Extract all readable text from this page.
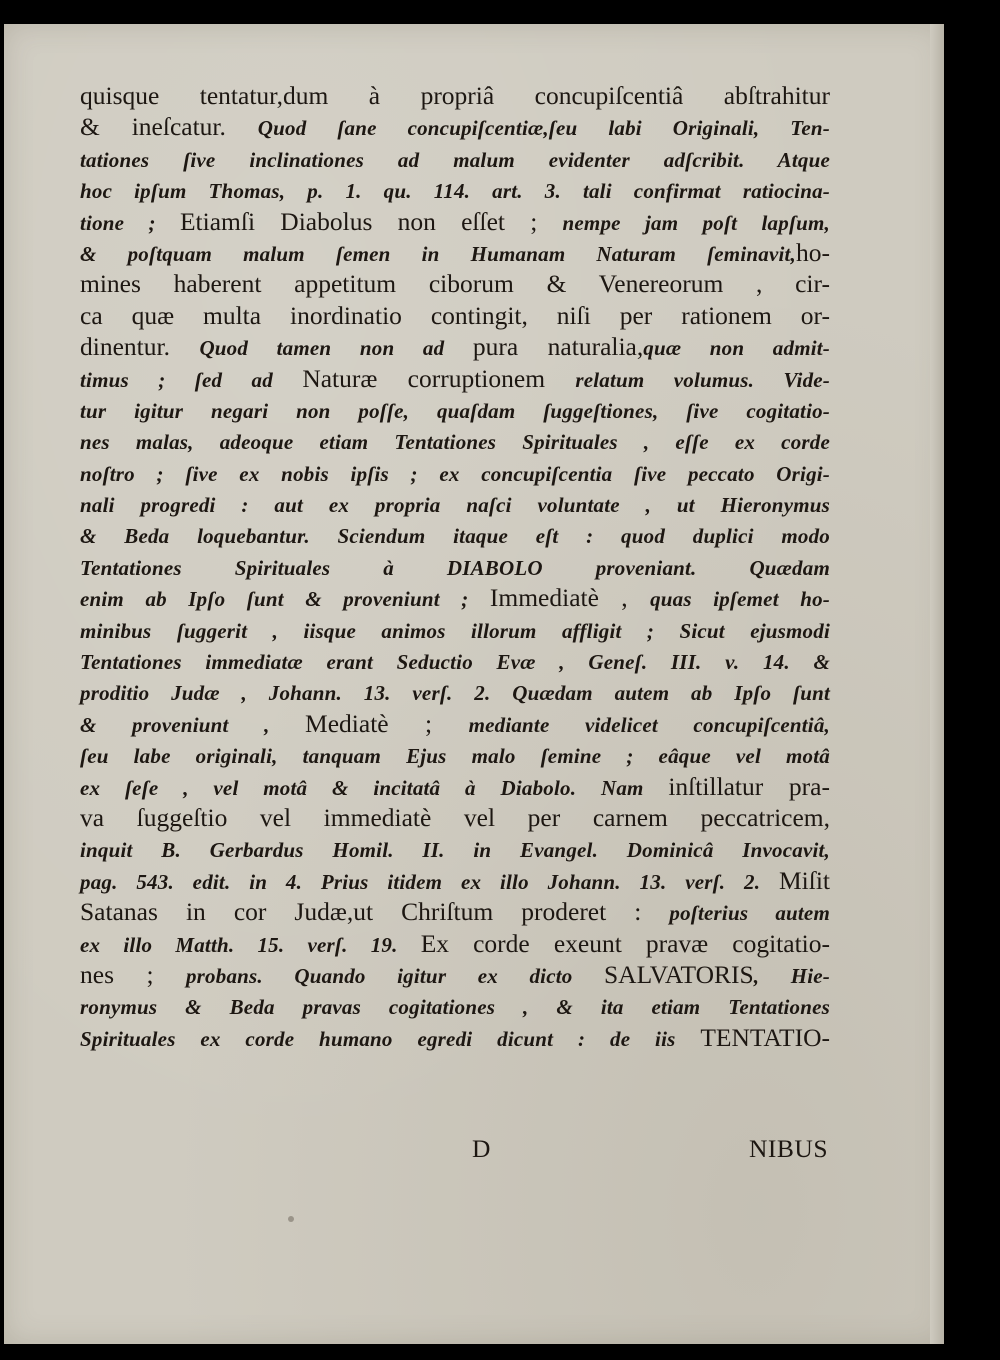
quisque tentatur,dum à propriâ concupiſcentiâ abſtrahitur
& ineſcatur. Quod ſane concupiſcentiæ,ſeu labi Originali, Ten-
tationes ſive inclinationes ad malum evidenter adſcribit. Atque
hoc ipſum Thomas, p. 1. qu. 114. art. 3. tali confirmat ratiocina-
tione ; Etiamſi Diabolus non eſſet ; nempe jam poſt lapſum,
& poſtquam malum ſemen in Humanam Naturam ſeminavit,ho-
mines haberent appetitum ciborum & Venereorum , cir-
ca quæ multa inordinatio contingit, niſi per rationem or-
dinentur. Quod tamen non ad pura naturalia,quæ non admit-
timus ; ſed ad Naturæ corruptionem relatum volumus. Vide-
tur igitur negari non poſſe, quaſdam ſuggeſtiones, ſive cogitatio-
nes malas, adeoque etiam Tentationes Spirituales , eſſe ex corde
noſtro ; ſive ex nobis ipſis ; ex concupiſcentia ſive peccato Origi-
nali progredi : aut ex propria naſci voluntate , ut Hieronymus
& Beda loquebantur. Sciendum itaque eſt : quod duplici modo
Tentationes Spirituales à DIABOLO proveniant. Quædam
enim ab Ipſo ſunt & proveniunt ; Immediatè , quas ipſemet ho-
minibus ſuggerit , iisque animos illorum affligit ; Sicut ejusmodi
Tentationes immediatæ erant Seductio Evæ , Geneſ. III. v. 14. &
proditio Judæ , Johann. 13. verſ. 2. Quædam autem ab Ipſo ſunt
& proveniunt , Mediatè ; mediante videlicet concupiſcentiâ,
ſeu labe originali, tanquam Ejus malo ſemine ; eâque vel motâ
ex ſeſe , vel motâ & incitatâ à Diabolo. Nam inſtillatur pra-
va ſuggeſtio vel immediatè vel per carnem peccatricem,
inquit B. Gerbardus Homil. II. in Evangel. Dominicâ Invocavit,
pag. 543. edit. in 4. Prius itidem ex illo Johann. 13. verſ. 2. Miſit
Satanas in cor Judæ,ut Chriſtum proderet : poſterius autem
ex illo Matth. 15. verſ. 19. Ex corde exeunt pravæ cogitatio-
nes ; probans. Quando igitur ex dicto SALVATORIS, Hie-
ronymus & Beda pravas cogitationes , & ita etiam Tentationes
Spirituales ex corde humano egredi dicunt : de iis TENTATIO-
D	NIBUS
